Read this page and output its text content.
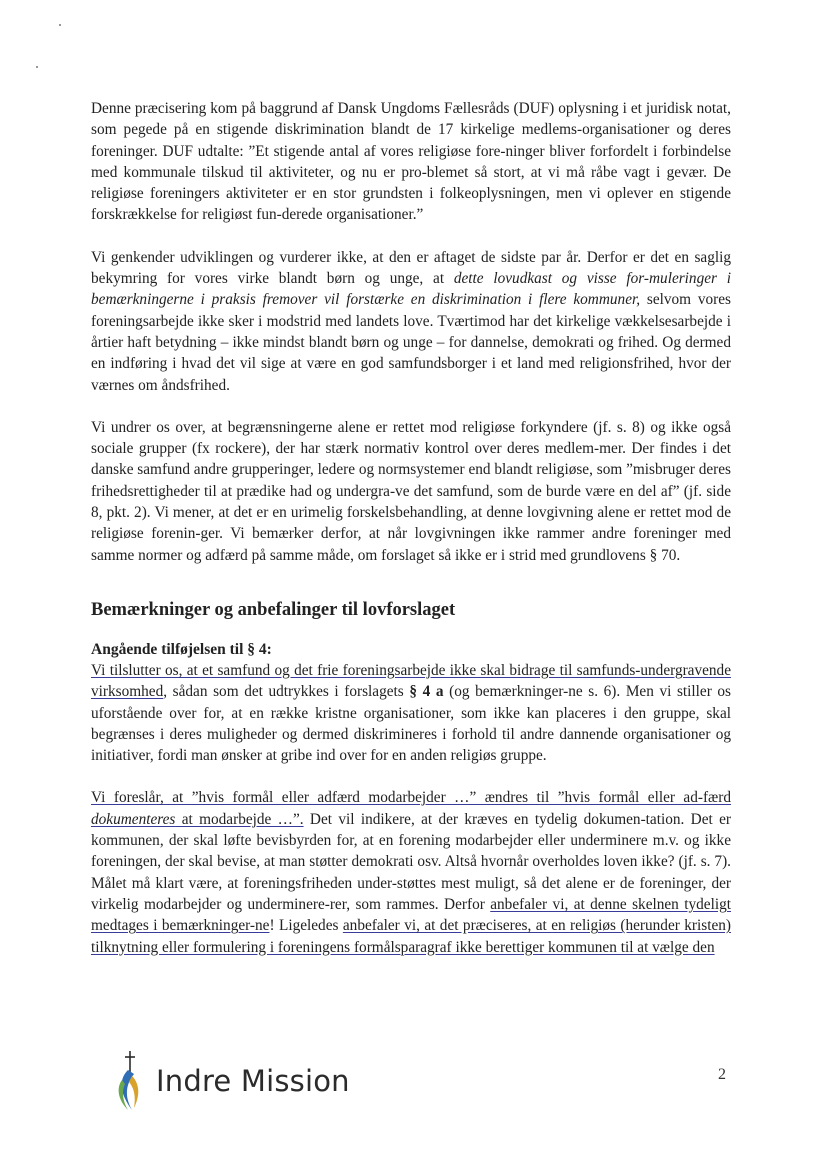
Denne præcisering kom på baggrund af Dansk Ungdoms Fællesråds (DUF) oplysning i et juridisk notat, som pegede på en stigende diskrimination blandt de 17 kirkelige medlems-organisationer og deres foreninger. DUF udtalte: ”Et stigende antal af vores religiøse fore-ninger bliver forfordelt i forbindelse med kommunale tilskud til aktiviteter, og nu er pro-blemet så stort, at vi må råbe vagt i gevær. De religiøse foreningers aktiviteter er en stor grundsten i folkeoplysningen, men vi oplever en stigende forskrækkelse for religiøst fun-derede organisationer.”

Vi genkender udviklingen og vurderer ikke, at den er aftaget de sidste par år. Derfor er det en saglig bekymring for vores virke blandt børn og unge, at dette lovudkast og visse for-muleringer i bemærkningerne i praksis fremover vil forstærke en diskrimination i flere kommuner, selvom vores foreningsarbejde ikke sker i modstrid med landets love. Tværtimod har det kirkelige vækkelsesarbejde i årtier haft betydning – ikke mindst blandt børn og unge – for dannelse, demokrati og frihed. Og dermed en indføring i hvad det vil sige at være en god samfundsborger i et land med religionsfrihed, hvor der værnes om åndsfrihed.

Vi undrer os over, at begrænsningerne alene er rettet mod religiøse forkyndere (jf. s. 8) og ikke også sociale grupper (fx rockere), der har stærk normativ kontrol over deres medlem-mer. Der findes i det danske samfund andre grupperinger, ledere og normsystemer end blandt religiøse, som ”misbruger deres frihedsrettigheder til at prædike had og undergra-ve det samfund, som de burde være en del af” (jf. side 8, pkt. 2). Vi mener, at det er en urimelig forskelsbehandling, at denne lovgivning alene er rettet mod de religiøse forenin-ger. Vi bemærker derfor, at når lovgivningen ikke rammer andre foreninger med samme normer og adfærd på samme måde, om forslaget så ikke er i strid med grundlovens § 70.

Bemærkninger og anbefalinger til lovforslaget
Angående tilføjelsen til § 4:

Vi tilslutter os, at et samfund og det frie foreningsarbejde ikke skal bidrage til samfunds-undergravende virksomhed, sådan som det udtrykkes i forslagets § 4 a (og bemærkninger-ne s. 6). Men vi stiller os uforstående over for, at en række kristne organisationer, som ikke kan placeres i den gruppe, skal begrænses i deres muligheder og dermed diskrimineres i forhold til andre dannende organisationer og initiativer, fordi man ønsker at gribe ind over for en anden religiøs gruppe.

Vi foreslår, at ”hvis formål eller adfærd modarbejder …” ændres til ”hvis formål eller ad-færd dokumenteres at modarbejde …”. Det vil indikere, at der kræves en tydelig dokumen-tation. Det er kommunen, der skal løfte bevisbyrden for, at en forening modarbejder eller underminere m.v. og ikke foreningen, der skal bevise, at man støtter demokrati osv. Altså hvornår overholdes loven ikke? (jf. s. 7). Målet må klart være, at foreningsfriheden under-støttes mest muligt, så det alene er de foreninger, der virkelig modarbejder og underminere-rer, som rammes. Derfor anbefaler vi, at denne skelnen tydeligt medtages i bemærkninger-ne! Ligeledes anbefaler vi, at det præciseres, at en religiøs (herunder kristen) tilknytning eller formulering i foreningens formålsparagraf ikke berettiger kommunen til at vælge den

Indre Mission	2
